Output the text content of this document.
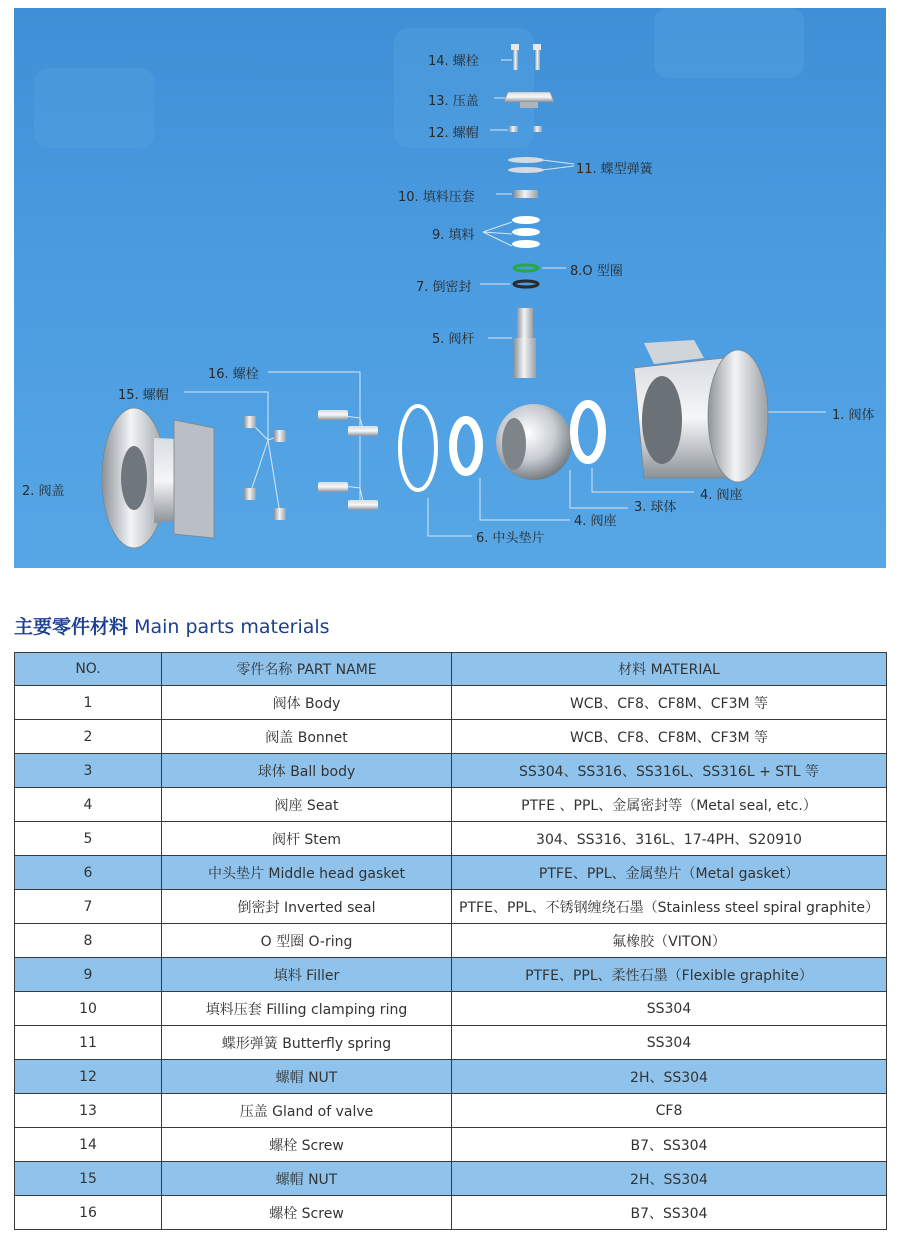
14. 螺栓
13. 压盖
12. 螺帽
11. 蝶型弹簧
10. 填料压套
9. 填料
8.O 型圈
7. 倒密封
5. 阀杆
16. 螺栓
15. 螺帽
1. 阀体
2. 阀盖	4. 阀座
3. 球体
4. 阀座
6. 中头垫片
主要零件材料 Main parts materials
NO.	零件名称 PART NAME	材料 MATERIAL
1	阀体 Body	WCB、CF8、CF8M、CF3M 等
2	阀盖 Bonnet	WCB、CF8、CF8M、CF3M 等
3	球体 Ball body	SS304、SS316、SS316L、SS316L + STL 等
4	阀座 Seat	PTFE 、PPL、金属密封等（Metal seal, etc.）
5	阀杆 Stem	304、SS316、316L、17-4PH、S20910
6	中头垫片 Middle head gasket	PTFE、PPL、金属垫片（Metal gasket）
7	倒密封 Inverted seal	PTFE、PPL、不锈钢缠绕石墨（Stainless steel spiral graphite）
8	O 型圈 O-ring	氟橡胶（VITON）
9	填料 Filler	PTFE、PPL、柔性石墨（Flexible graphite）
10	填料压套 Filling clamping ring	SS304
11	蝶形弹簧 Butterfly spring	SS304
12	螺帽 NUT	2H、SS304
13	压盖 Gland of valve	CF8
14	螺栓 Screw	B7、SS304
15	螺帽 NUT	2H、SS304
16	螺栓 Screw	B7、SS304
